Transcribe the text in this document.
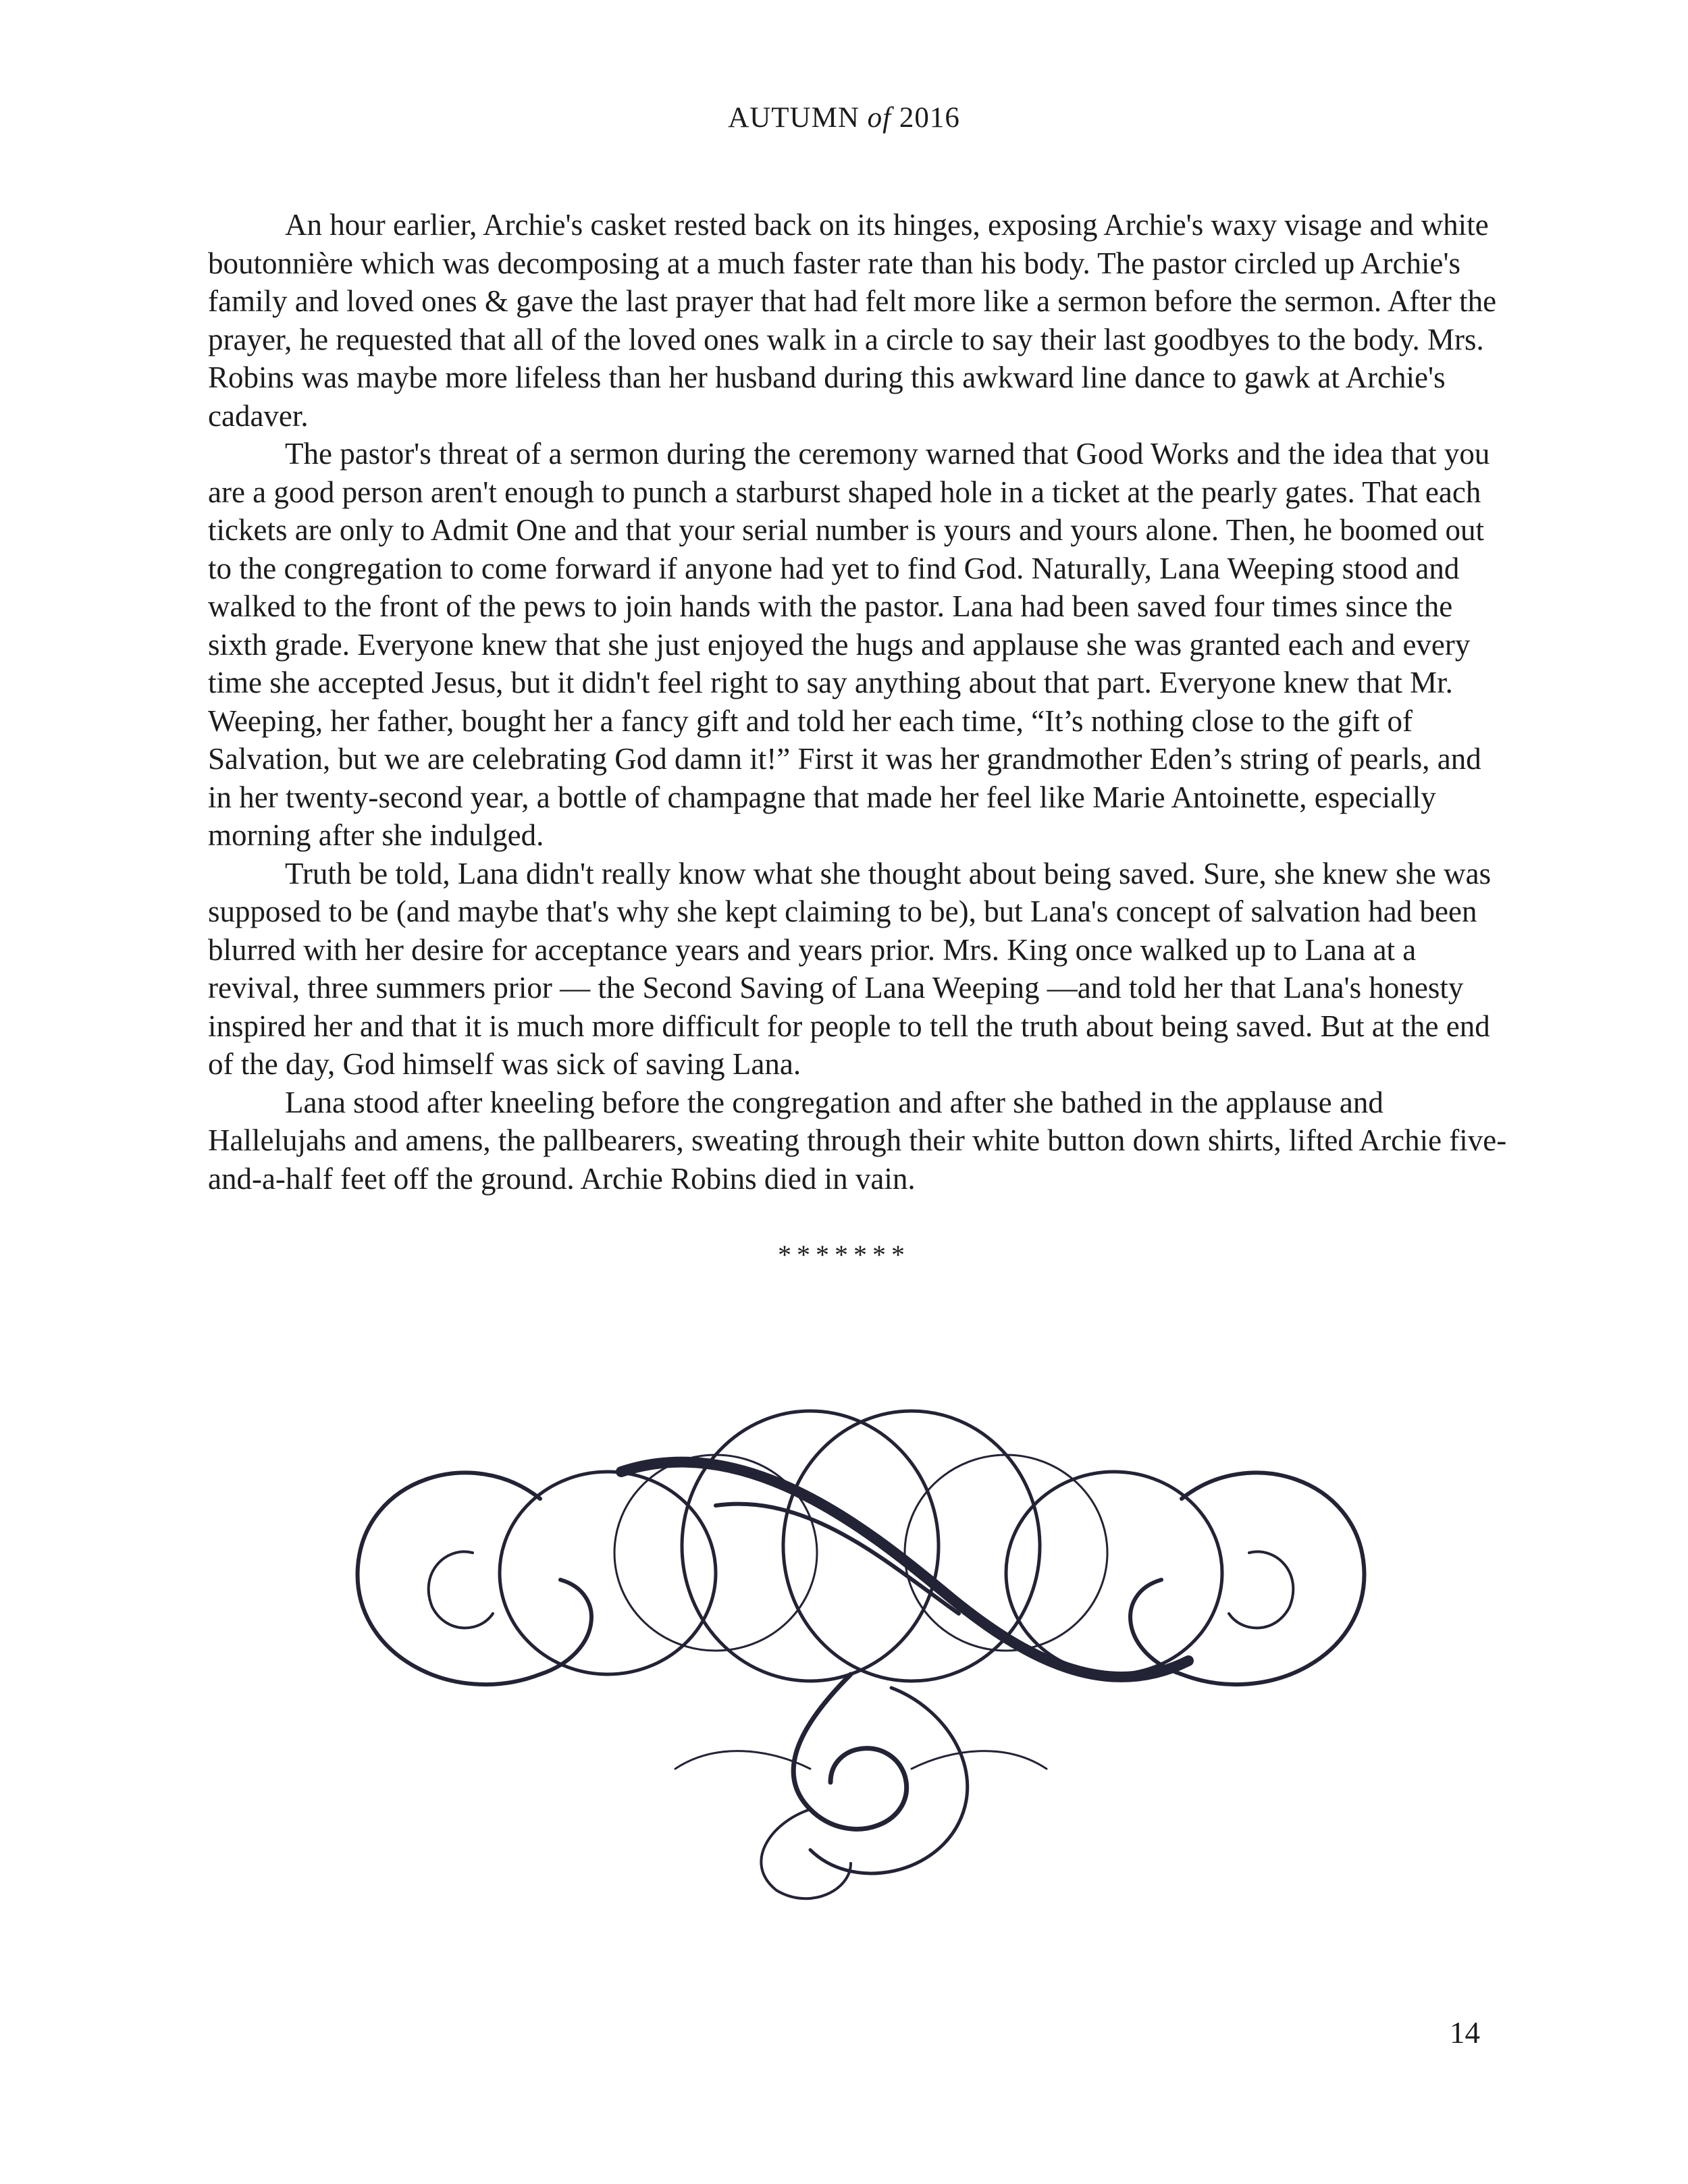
AUTUMN of 2016

An hour earlier, Archie's casket rested back on its hinges, exposing Archie's waxy visage and white boutonnière which was decomposing at a much faster rate than his body. The pastor circled up Archie's family and loved ones & gave the last prayer that had felt more like a sermon before the sermon. After the prayer, he requested that all of the loved ones walk in a circle to say their last goodbyes to the body. Mrs. Robins was maybe more lifeless than her husband during this awkward line dance to gawk at Archie's cadaver.

The pastor's threat of a sermon during the ceremony warned that Good Works and the idea that you are a good person aren't enough to punch a starburst shaped hole in a ticket at the pearly gates. That each tickets are only to Admit One and that your serial number is yours and yours alone. Then, he boomed out to the congregation to come forward if anyone had yet to find God. Naturally, Lana Weeping stood and walked to the front of the pews to join hands with the pastor. Lana had been saved four times since the sixth grade. Everyone knew that she just enjoyed the hugs and applause she was granted each and every time she accepted Jesus, but it didn't feel right to say anything about that part. Everyone knew that Mr. Weeping, her father, bought her a fancy gift and told her each time, “It’s nothing close to the gift of Salvation, but we are celebrating God damn it!” First it was her grandmother Eden’s string of pearls, and in her twenty-second year, a bottle of champagne that made her feel like Marie Antoinette, especially morning after she indulged.

Truth be told, Lana didn't really know what she thought about being saved. Sure, she knew she was supposed to be (and maybe that's why she kept claiming to be), but Lana's concept of salvation had been blurred with her desire for acceptance years and years prior. Mrs. King once walked up to Lana at a revival, three summers prior — the Second Saving of Lana Weeping —and told her that Lana's honesty inspired her and that it is much more difficult for people to tell the truth about being saved. But at the end of the day, God himself was sick of saving Lana.

Lana stood after kneeling before the congregation and after she bathed in the applause and Hallelujahs and amens, the pallbearers, sweating through their white button down shirts, lifted Archie five-and-a-half feet off the ground. Archie Robins died in vain.

*******
14
